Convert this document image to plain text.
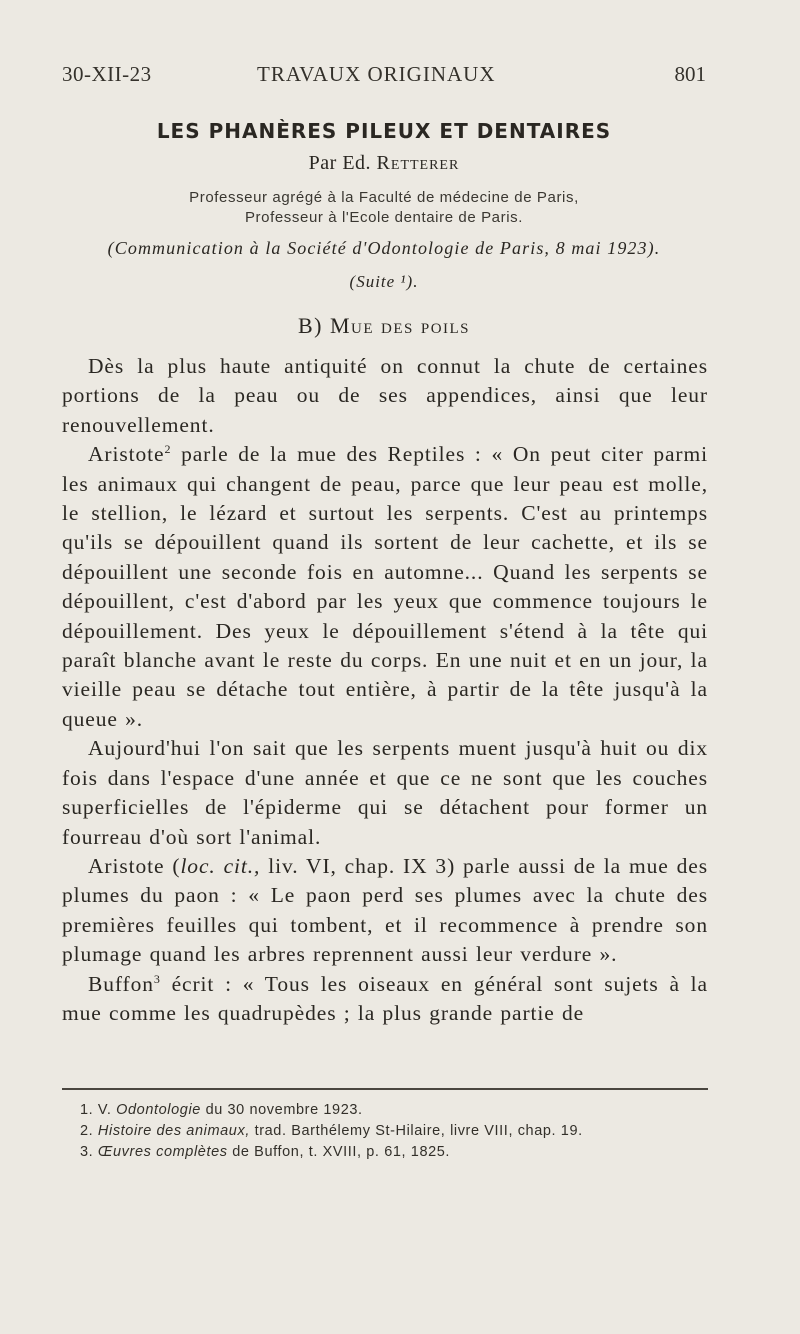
30-XII-23	TRAVAUX ORIGINAUX	801
LES PHANÈRES PILEUX ET DENTAIRES
Par Ed. Retterer
Professeur agrégé à la Faculté de médecine de Paris,
Professeur à l'Ecole dentaire de Paris.
(Communication à la Société d'Odontologie de Paris, 8 mai 1923).
(Suite ¹).
B) Mue des poils

Dès la plus haute antiquité on connut la chute de certaines portions de la peau ou de ses appendices, ainsi que leur renouvellement.

Aristote$^2$ parle de la mue des Reptiles : « On peut citer parmi les animaux qui changent de peau, parce que leur peau est molle, le stellion, le lézard et surtout les serpents. C'est au printemps qu'ils se dépouillent quand ils sortent de leur cachette, et ils se dépouillent une seconde fois en automne... Quand les serpents se dépouillent, c'est d'abord par les yeux que commence toujours le dépouillement. Des yeux le dépouillement s'étend à la tête qui paraît blanche avant le reste du corps. En une nuit et en un jour, la vieille peau se détache tout entière, à partir de la tête jusqu'à la queue ».

Aujourd'hui l'on sait que les serpents muent jusqu'à huit ou dix fois dans l'espace d'une année et que ce ne sont que les couches superficielles de l'épiderme qui se détachent pour former un fourreau d'où sort l'animal.

Aristote (loc. cit., liv. VI, chap. IX 3) parle aussi de la mue des plumes du paon : « Le paon perd ses plumes avec la chute des premières feuilles qui tombent, et il recommence à prendre son plumage quand les arbres reprennent aussi leur verdure ».

Buffon$^3$ écrit : « Tous les oiseaux en général sont sujets à la mue comme les quadrupèdes ; la plus grande partie de

1. V. Odontologie du 30 novembre 1923.
2. Histoire des animaux, trad. Barthélemy St-Hilaire, livre VIII, chap. 19.
3. Œuvres complètes de Buffon, t. XVIII, p. 61, 1825.
